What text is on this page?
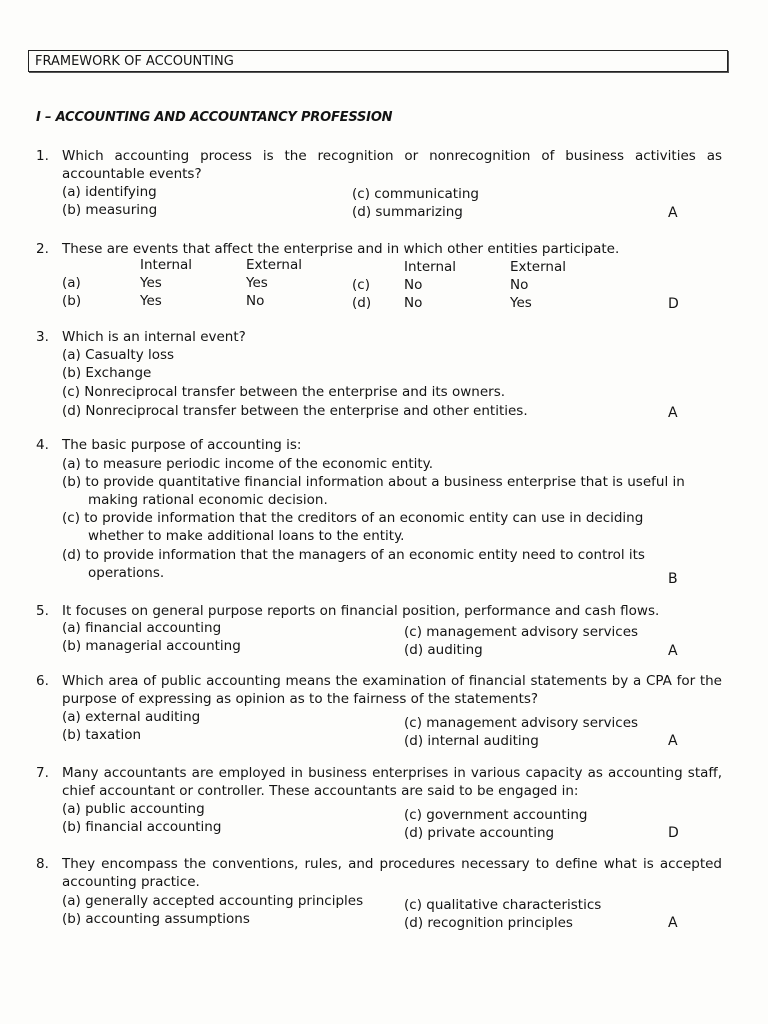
FRAMEWORK OF ACCOUNTING
I – ACCOUNTING AND ACCOUNTANCY PROFESSION
1. Which accounting process is the recognition or nonrecognition of business activities as accountable events?
(a) identifying
(b) measuring
(c) communicating
(d) summarizing	A
2. These are events that affect the enterprise and in which other entities participate.
Internal	External	Internal	External
(a)	Yes	Yes
(b)	Yes	No
(c)	No	No
(d) No	Yes	D
3. Which is an internal event?
(a) Casualty loss
(b) Exchange
(c) Nonreciprocal transfer between the enterprise and its owners.
(d) Nonreciprocal transfer between the enterprise and other entities.	A
4. The basic purpose of accounting is:
(a) to measure periodic income of the economic entity.
(b) to provide quantitative financial information about a business enterprise that is useful in
making rational economic decision.
(c) to provide information that the creditors of an economic entity can use in deciding
whether to make additional loans to the entity.
(d) to provide information that the managers of an economic entity need to control its
operations.	B
5. It focuses on general purpose reports on financial position, performance and cash flows.
(a) financial accounting
(b) managerial accounting
(c) management advisory services
(d) auditing	A
6. Which area of public accounting means the examination of financial statements by a CPA for the purpose of expressing as opinion as to the fairness of the statements?
(a) external auditing
(b) taxation
(c) management advisory services
(d) internal auditing	A
7. Many accountants are employed in business enterprises in various capacity as accounting staff, chief accountant or controller. These accountants are said to be engaged in:
(a) public accounting
(b) financial accounting
(c) government accounting
(d) private accounting	D
8. They encompass the conventions, rules, and procedures necessary to define what is accepted accounting practice.
(a) generally accepted accounting principles
(b) accounting assumptions
(c) qualitative characteristics
(d) recognition principles	A
